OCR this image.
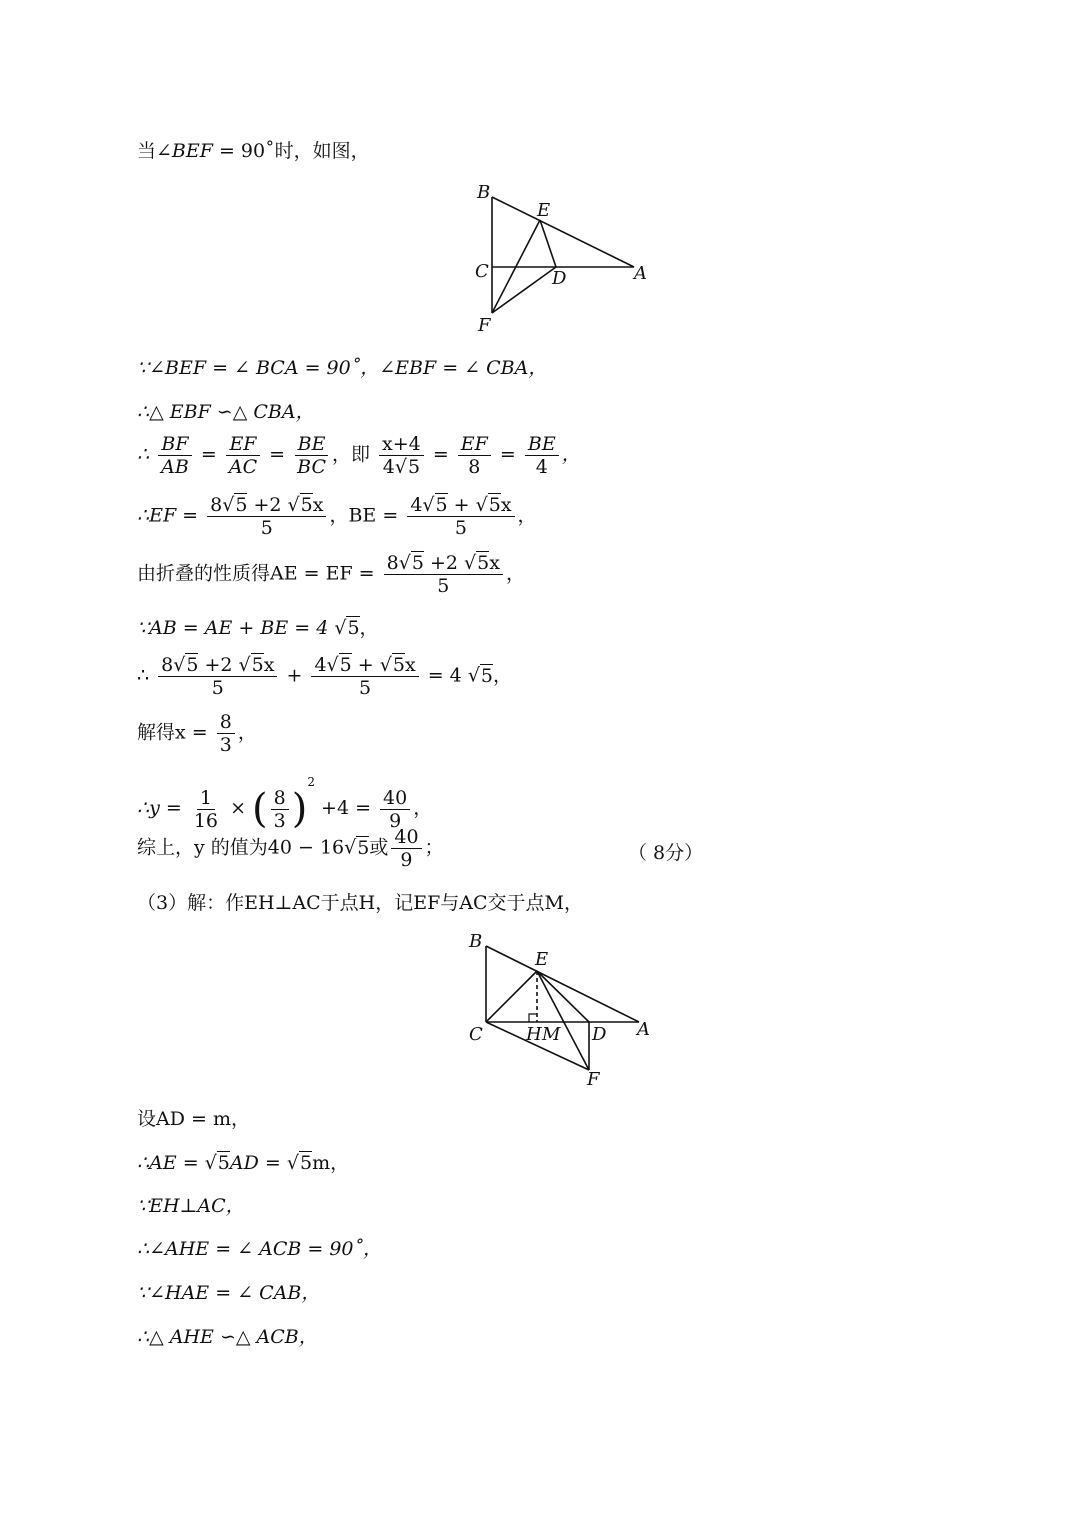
当∠BEF = 90˚时，如图，
B
E
C	D	A
F
∵∠BEF = ∠ BCA = 90˚，∠EBF = ∠ CBA，
∴△ EBF ∽△ CBA，
∴ $\frac{BF}{AB} = \frac{EF}{AC} = \frac{BE}{BC}$ ，即 $\frac{x+4}{4√5} = \frac{EF}{8} = \frac{BE}{4}$ ，
∴EF = $\frac{8√5 +2 √5x}{5}$ ，BE = $\frac{4√5 + √5x}{5}$ ，
由折叠的性质得AE = EF = $\frac{8√5 +2 √5x}{5}$ ，
∵AB = AE + BE = 4 √5，
∴ $\frac{8√5 +2 √5x}{5} + \frac{4√5 + √5x}{5} = 4$ √5，
解得$x = \frac{8}{3}$ ，
∴y = $\frac{1}{16}$ × ( $\frac{8}{3} )^2 +4 = \frac{40}{9}$ ，
综上，y 的值为40 − 16√5或 $\frac{40}{9}$ ；	（ 8分）
（3）解：作EH⊥AC于点H，记EF与AC交于点M，
B
E
C H M D A
F
设AD = m，
∴AE = √5AD = √5m，
∵EH⊥AC，
∴∠AHE = ∠ ACB = 90˚，
∵∠HAE = ∠ CAB，
∴△ AHE ∽△ ACB，
